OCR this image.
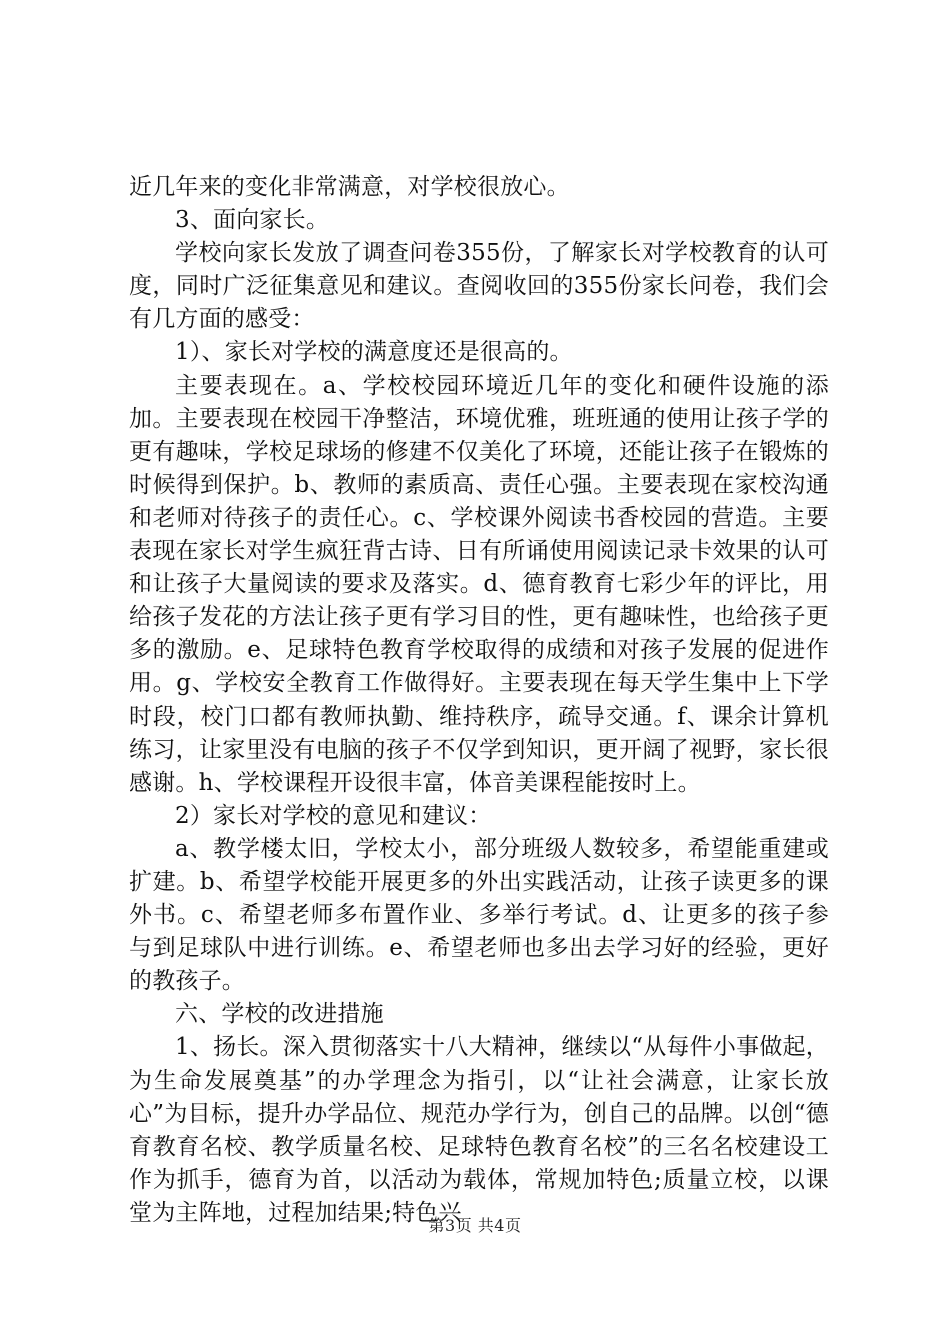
近几年来的变化非常满意，对学校很放心。

3、面向家长。

学校向家长发放了调查问卷355份，了解家长对学校教育的认可度，同时广泛征集意见和建议。查阅收回的355份家长问卷，我们会有几方面的感受：

1）、家长对学校的满意度还是很高的。

主要表现在。a、学校校园环境近几年的变化和硬件设施的添加。主要表现在校园干净整洁，环境优雅，班班通的使用让孩子学的更有趣味，学校足球场的修建不仅美化了环境，还能让孩子在锻炼的时候得到保护。b、教师的素质高、责任心强。主要表现在家校沟通和老师对待孩子的责任心。c、学校课外阅读书香校园的营造。主要表现在家长对学生疯狂背古诗、日有所诵使用阅读记录卡效果的认可和让孩子大量阅读的要求及落实。d、德育教育七彩少年的评比，用给孩子发花的方法让孩子更有学习目的性，更有趣味性，也给孩子更多的激励。e、足球特色教育学校取得的成绩和对孩子发展的促进作用。g、学校安全教育工作做得好。主要表现在每天学生集中上下学时段，校门口都有教师执勤、维持秩序，疏导交通。f、课余计算机练习，让家里没有电脑的孩子不仅学到知识，更开阔了视野，家长很感谢。h、学校课程开设很丰富，体音美课程能按时上。

2）家长对学校的意见和建议：

a、教学楼太旧，学校太小，部分班级人数较多，希望能重建或扩建。b、希望学校能开展更多的外出实践活动，让孩子读更多的课外书。c、希望老师多布置作业、多举行考试。d、让更多的孩子参与到足球队中进行训练。e、希望老师也多出去学习好的经验，更好的教孩子。

六、学校的改进措施

1、扬长。深入贯彻落实十八大精神，继续以“从每件小事做起，为生命发展奠基”的办学理念为指引，以“让社会满意，让家长放心”为目标，提升办学品位、规范办学行为，创自己的品牌。以创“德育教育名校、教学质量名校、足球特色教育名校”的三名名校建设工作为抓手，德育为首，以活动为载体，常规加特色;质量立校，以课堂为主阵地，过程加结果;特色兴

第3页 共4页
